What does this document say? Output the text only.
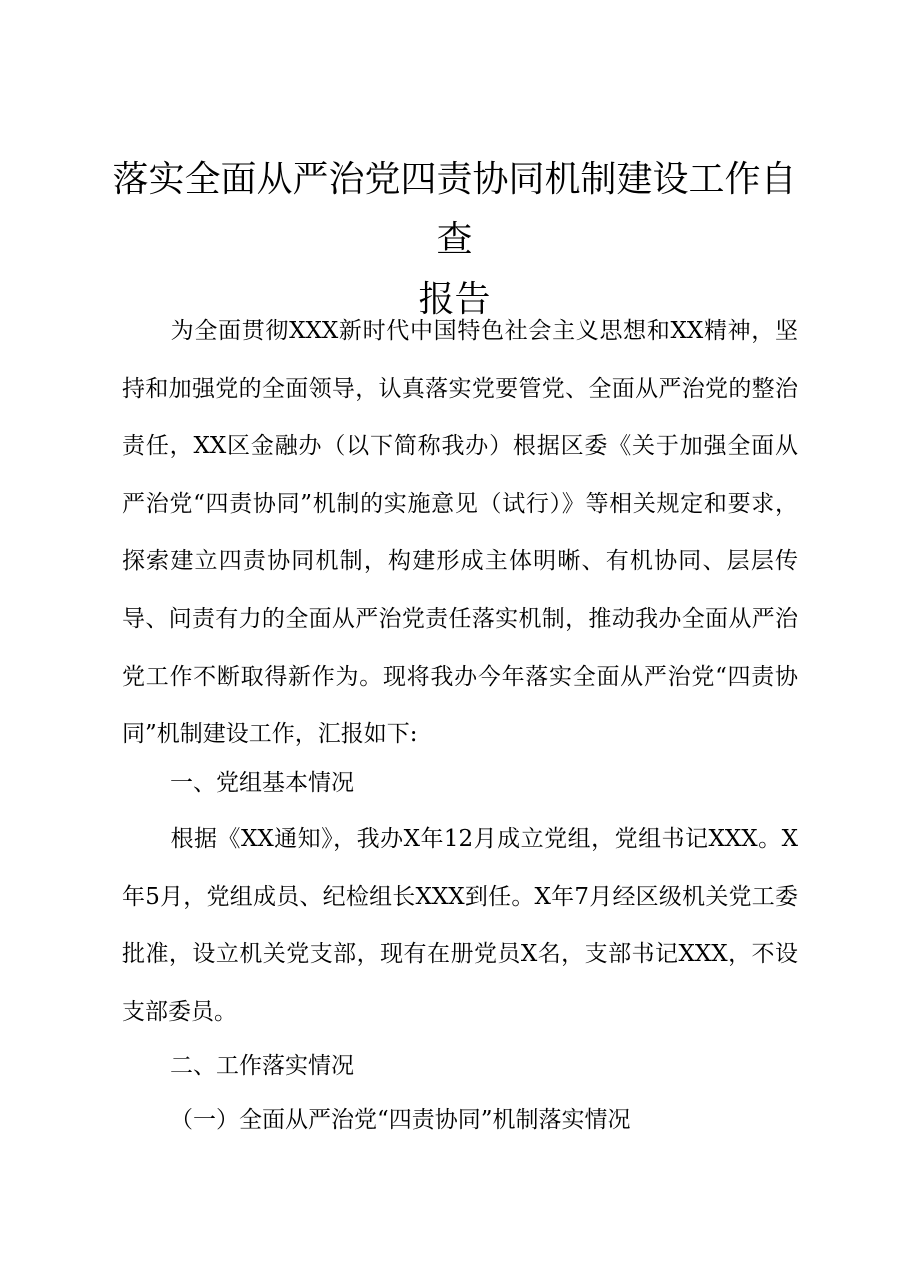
落实全面从严治党四责协同机制建设工作自查
报告

为全面贯彻XXX新时代中国特色社会主义思想和XX精神，坚持和加强党的全面领导，认真落实党要管党、全面从严治党的整治责任，XX区金融办（以下简称我办）根据区委《关于加强全面从严治党“四责协同”机制的实施意见（试行）》等相关规定和要求，探索建立四责协同机制，构建形成主体明晰、有机协同、层层传导、问责有力的全面从严治党责任落实机制，推动我办全面从严治党工作不断取得新作为。现将我办今年落实全面从严治党“四责协同”机制建设工作，汇报如下:

一、党组基本情况

根据《XX通知》，我办X年12月成立党组，党组书记XXX。X年5月，党组成员、纪检组长XXX到任。X年7月经区级机关党工委批准，设立机关党支部，现有在册党员X名，支部书记XXX，不设支部委员。

二、工作落实情况

（一）全面从严治党“四责协同”机制落实情况
